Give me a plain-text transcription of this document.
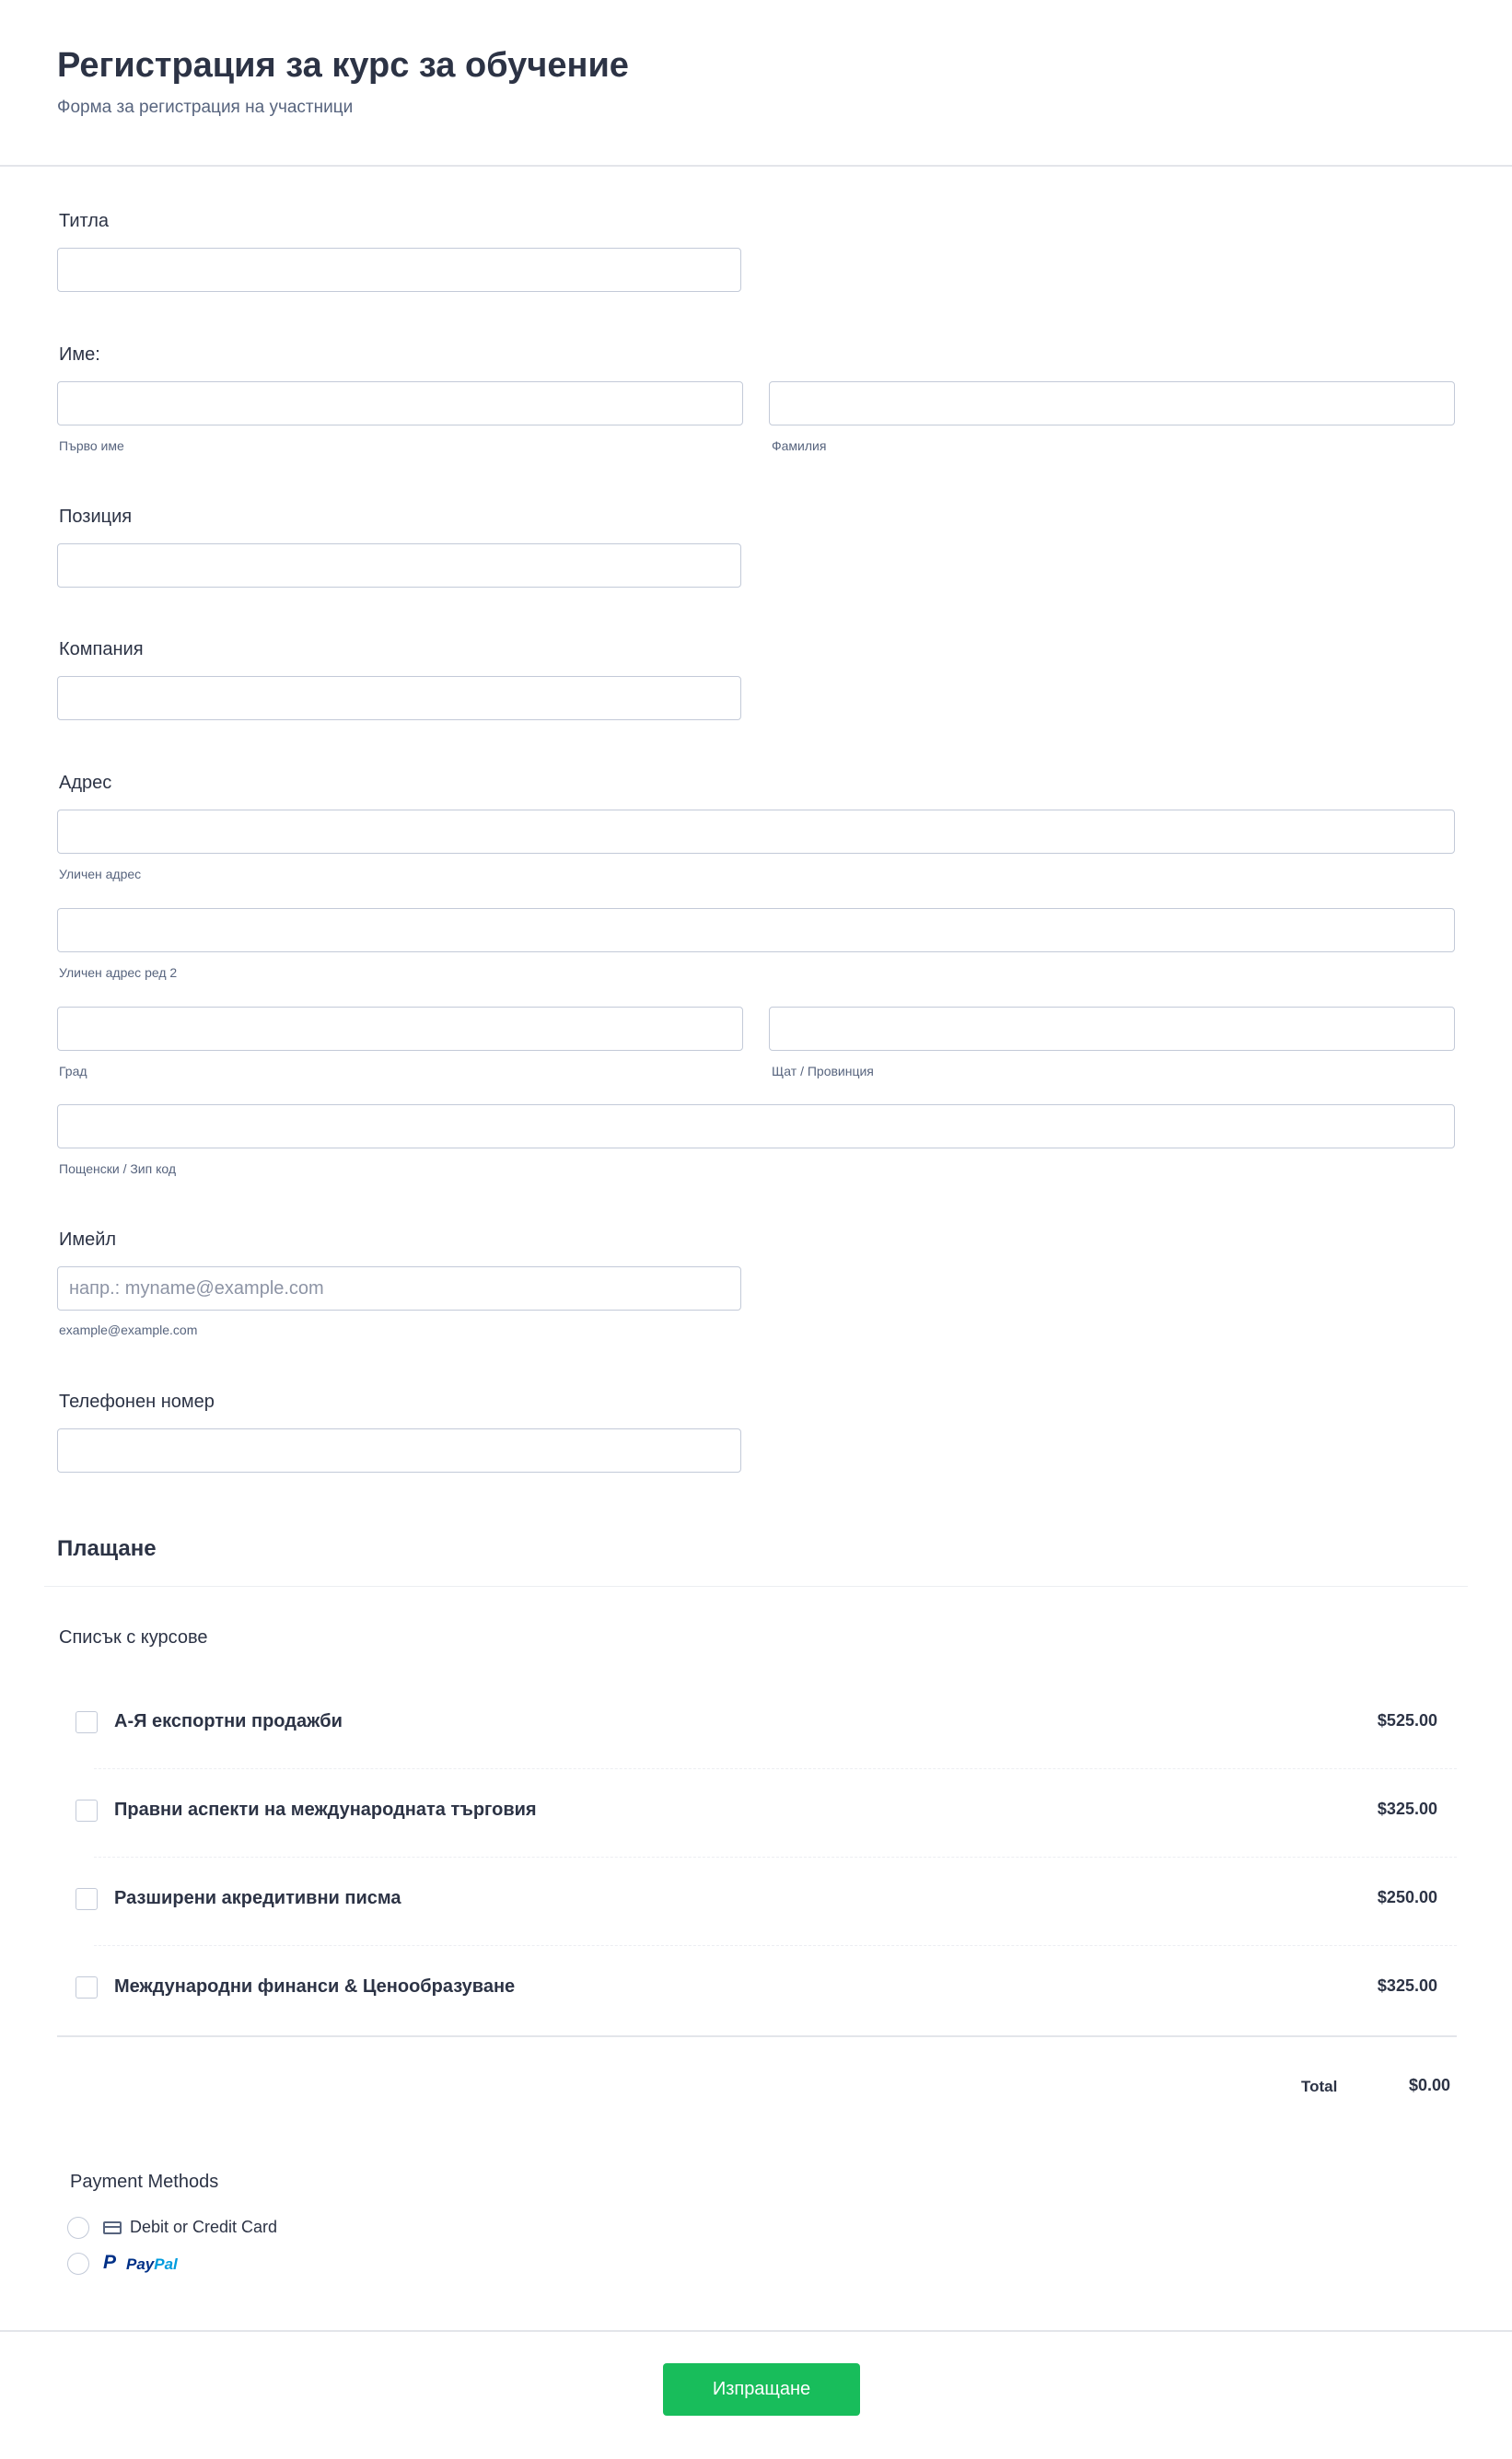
Регистрация за курс за обучение
Форма за регистрация на участници
Титла
Име:
Първо име	Фамилия
Позиция
Компания
Адрес
Уличен адрес
Уличен адрес ред 2
Град	Щат / Провинция
Пощенски / Зип код
Имейл
напр.: myname@example.com
example@example.com
Телефонен номер
Плащане
Списък с курсове
А-Я експортни продажби	$525.00
Правни аспекти на международната търговия	$325.00
Разширени акредитивни писма	$250.00
Международни финанси & Ценообразуване	$325.00
Total	$0.00
Payment Methods
Debit or Credit Card
P PayPal
Изпращане
